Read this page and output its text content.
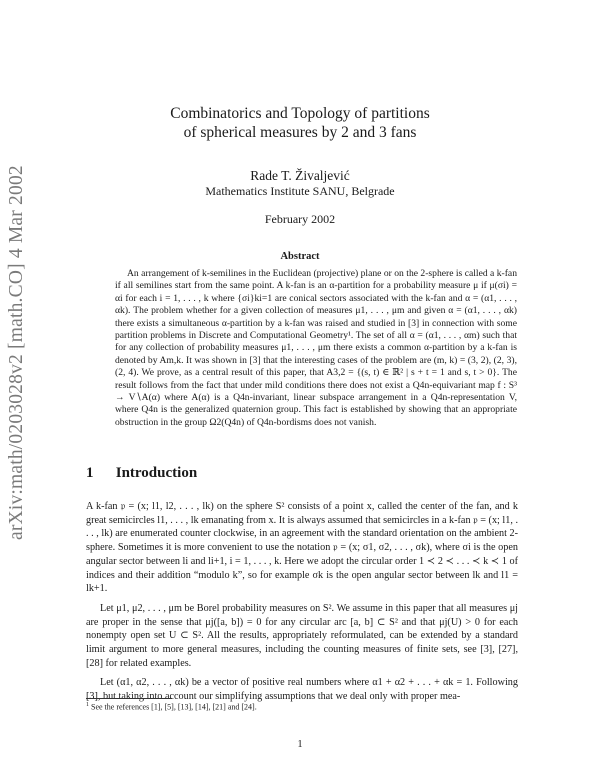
arXiv:math/0203028v2 [math.CO] 4 Mar 2002
Combinatorics and Topology of partitions
of spherical measures by 2 and 3 fans
Rade T. Živaljević
Mathematics Institute SANU, Belgrade
February 2002
Abstract
An arrangement of k-semilines in the Euclidean (projective) plane or on the 2-sphere is called a k-fan if all semilines start from the same point. A k-fan is an α-partition for a probability measure μ if μ(σi) = αi for each i = 1, . . . , k where {σi}ki=1 are conical sectors associated with the k-fan and α = (α1, . . . , αk). The problem whether for a given collection of measures μ1, . . . , μm and given α = (α1, . . . , αk) there exists a simultaneous α-partition by a k-fan was raised and studied in [3] in connection with some partition problems in Discrete and Computational Geometry¹. The set of all α = (α1, . . . , αm) such that for any collection of probability measures μ1, . . . , μm there exists a common α-partition by a k-fan is denoted by Am,k. It was shown in [3] that the interesting cases of the problem are (m, k) = (3, 2), (2, 3), (2, 4). We prove, as a central result of this paper, that A3,2 = {(s, t) ∈ ℝ² | s + t = 1 and s, t > 0}. The result follows from the fact that under mild conditions there does not exist a Q4n-equivariant map f : S³ → V∖A(α) where A(α) is a Q4n-invariant, linear subspace arrangement in a Q4n-representation V, where Q4n is the generalized quaternion group. This fact is established by showing that an appropriate obstruction in the group Ω2(Q4n) of Q4n-bordisms does not vanish.
1 Introduction

A k-fan 𝔭 = (x; l1, l2, . . . , lk) on the sphere S² consists of a point x, called the center of the fan, and k great semicircles l1, . . . , lk emanating from x. It is always assumed that semicircles in a k-fan 𝔭 = (x; l1, . . . , lk) are enumerated counter clockwise, in an agreement with the standard orientation on the ambient 2-sphere. Sometimes it is more convenient to use the notation 𝔭 = (x; σ1, σ2, . . . , σk), where σi is the open angular sector between li and li+1, i = 1, . . . , k. Here we adopt the circular order 1 ≺ 2 ≺ . . . ≺ k ≺ 1 of indices and their addition “modulo k”, so for example σk is the open angular sector between lk and l1 = lk+1.

Let μ1, μ2, . . . , μm be Borel probability measures on S². We assume in this paper that all measures μj are proper in the sense that μj([a, b]) = 0 for any circular arc [a, b] ⊂ S² and that μj(U) > 0 for each nonempty open set U ⊂ S². All the results, appropriately reformulated, can be extended by a standard limit argument to more general measures, including the counting measures of finite sets, see [3], [27], [28] for related examples.

Let (α1, α2, . . . , αk) be a vector of positive real numbers where α1 + α2 + . . . + αk = 1. Following [3], but taking into account our simplifying assumptions that we deal only with proper mea-

$^1$ See the references [1], [5], [13], [14], [21] and [24].
1
